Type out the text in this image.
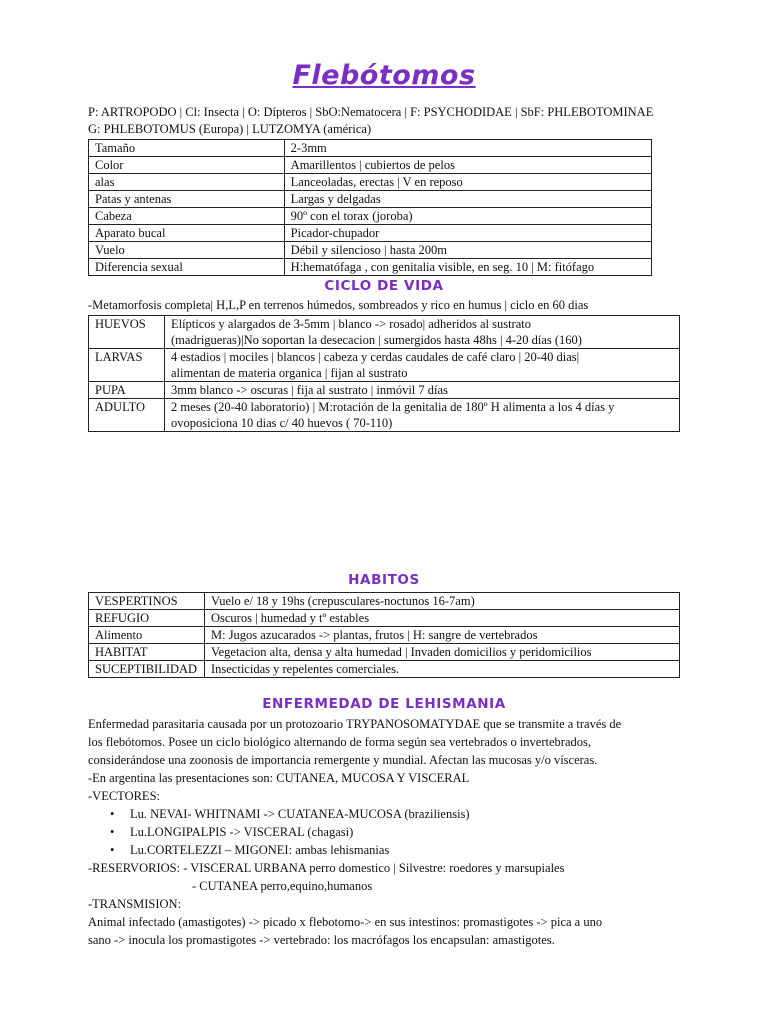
Flebótomos
P: ARTROPODO | Cl: Insecta | O: Dípteros | SbO:Nematocera | F: PSYCHODIDAE | SbF: PHLEBOTOMINAE
G: PHLEBOTOMUS (Europa) | LUTZOMYA (américa)
Tamaño	2-3mm
Color	Amarillentos | cubiertos de pelos
alas	Lanceoladas, erectas | V en reposo
Patas y antenas	Largas y delgadas
Cabeza	90º con el torax (joroba)
Aparato bucal	Picador-chupador
Vuelo	Débil y silencioso | hasta 200m
Diferencia sexual	H:hematófaga , con genitalia visible, en seg. 10 | M: fitófago
CICLO DE VIDA
-Metamorfosis completa| H,L,P en terrenos húmedos, sombreados y rico en humus | ciclo en 60 dias
HUEVOS	Elípticos y alargados de 3-5mm | blanco -> rosado| adheridos al sustrato
(madrigueras)|No soportan la desecacion | sumergidos hasta 48hs | 4-20 días (160)

LARVAS	4 estadios | mociles | blancos | cabeza y cerdas caudales de café claro | 20-40 dias|
alimentan de materia organica | fijan al sustrato

PUPA	3mm blanco -> oscuras | fija al sustrato | inmóvil 7 días

ADULTO	2 meses (20-40 laboratorio) | M:rotación de la genitalia de 180º H alimenta a los 4 días y
ovoposiciona 10 dias c/ 40 huevos ( 70-110)
HABITOS
VESPERTINOS	Vuelo e/ 18 y 19hs (crepusculares-noctunos 16-7am)
REFUGIO	Oscuros | humedad y tº estables
Alimento	M: Jugos azucarados -> plantas, frutos | H: sangre de vertebrados
HABITAT	Vegetacion alta, densa y alta humedad | Invaden domicilios y peridomicilios
SUCEPTIBILIDAD	Insecticidas y repelentes comerciales.
ENFERMEDAD DE LEHISMANIA
Enfermedad parasitaria causada por un protozoario TRYPANOSOMATYDAE que se transmite a través de
los flebótomos. Posee un ciclo biológico alternando de forma según sea vertebrados o invertebrados,
considerándose una zoonosis de importancia remergente y mundial. Afectan las mucosas y/o vísceras.
-En argentina las presentaciones son: CUTANEA, MUCOSA Y VISCERAL
-VECTORES:
• Lu. NEVAI- WHITNAMI -> CUATANEA-MUCOSA (braziliensis)
• Lu.LONGIPALPIS -> VISCERAL (chagasi)
• Lu.CORTELEZZI – MIGONEI: ambas lehismanias
-RESERVORIOS: - VISCERAL URBANA perro domestico | Silvestre: roedores y marsupiales
- CUTANEA perro,equino,humanos
-TRANSMISION:
Animal infectado (amastigotes) -> picado x flebotomo-> en sus intestinos: promastigotes -> pica a uno
sano -> inocula los promastigotes -> vertebrado: los macrófagos los encapsulan: amastigotes.
